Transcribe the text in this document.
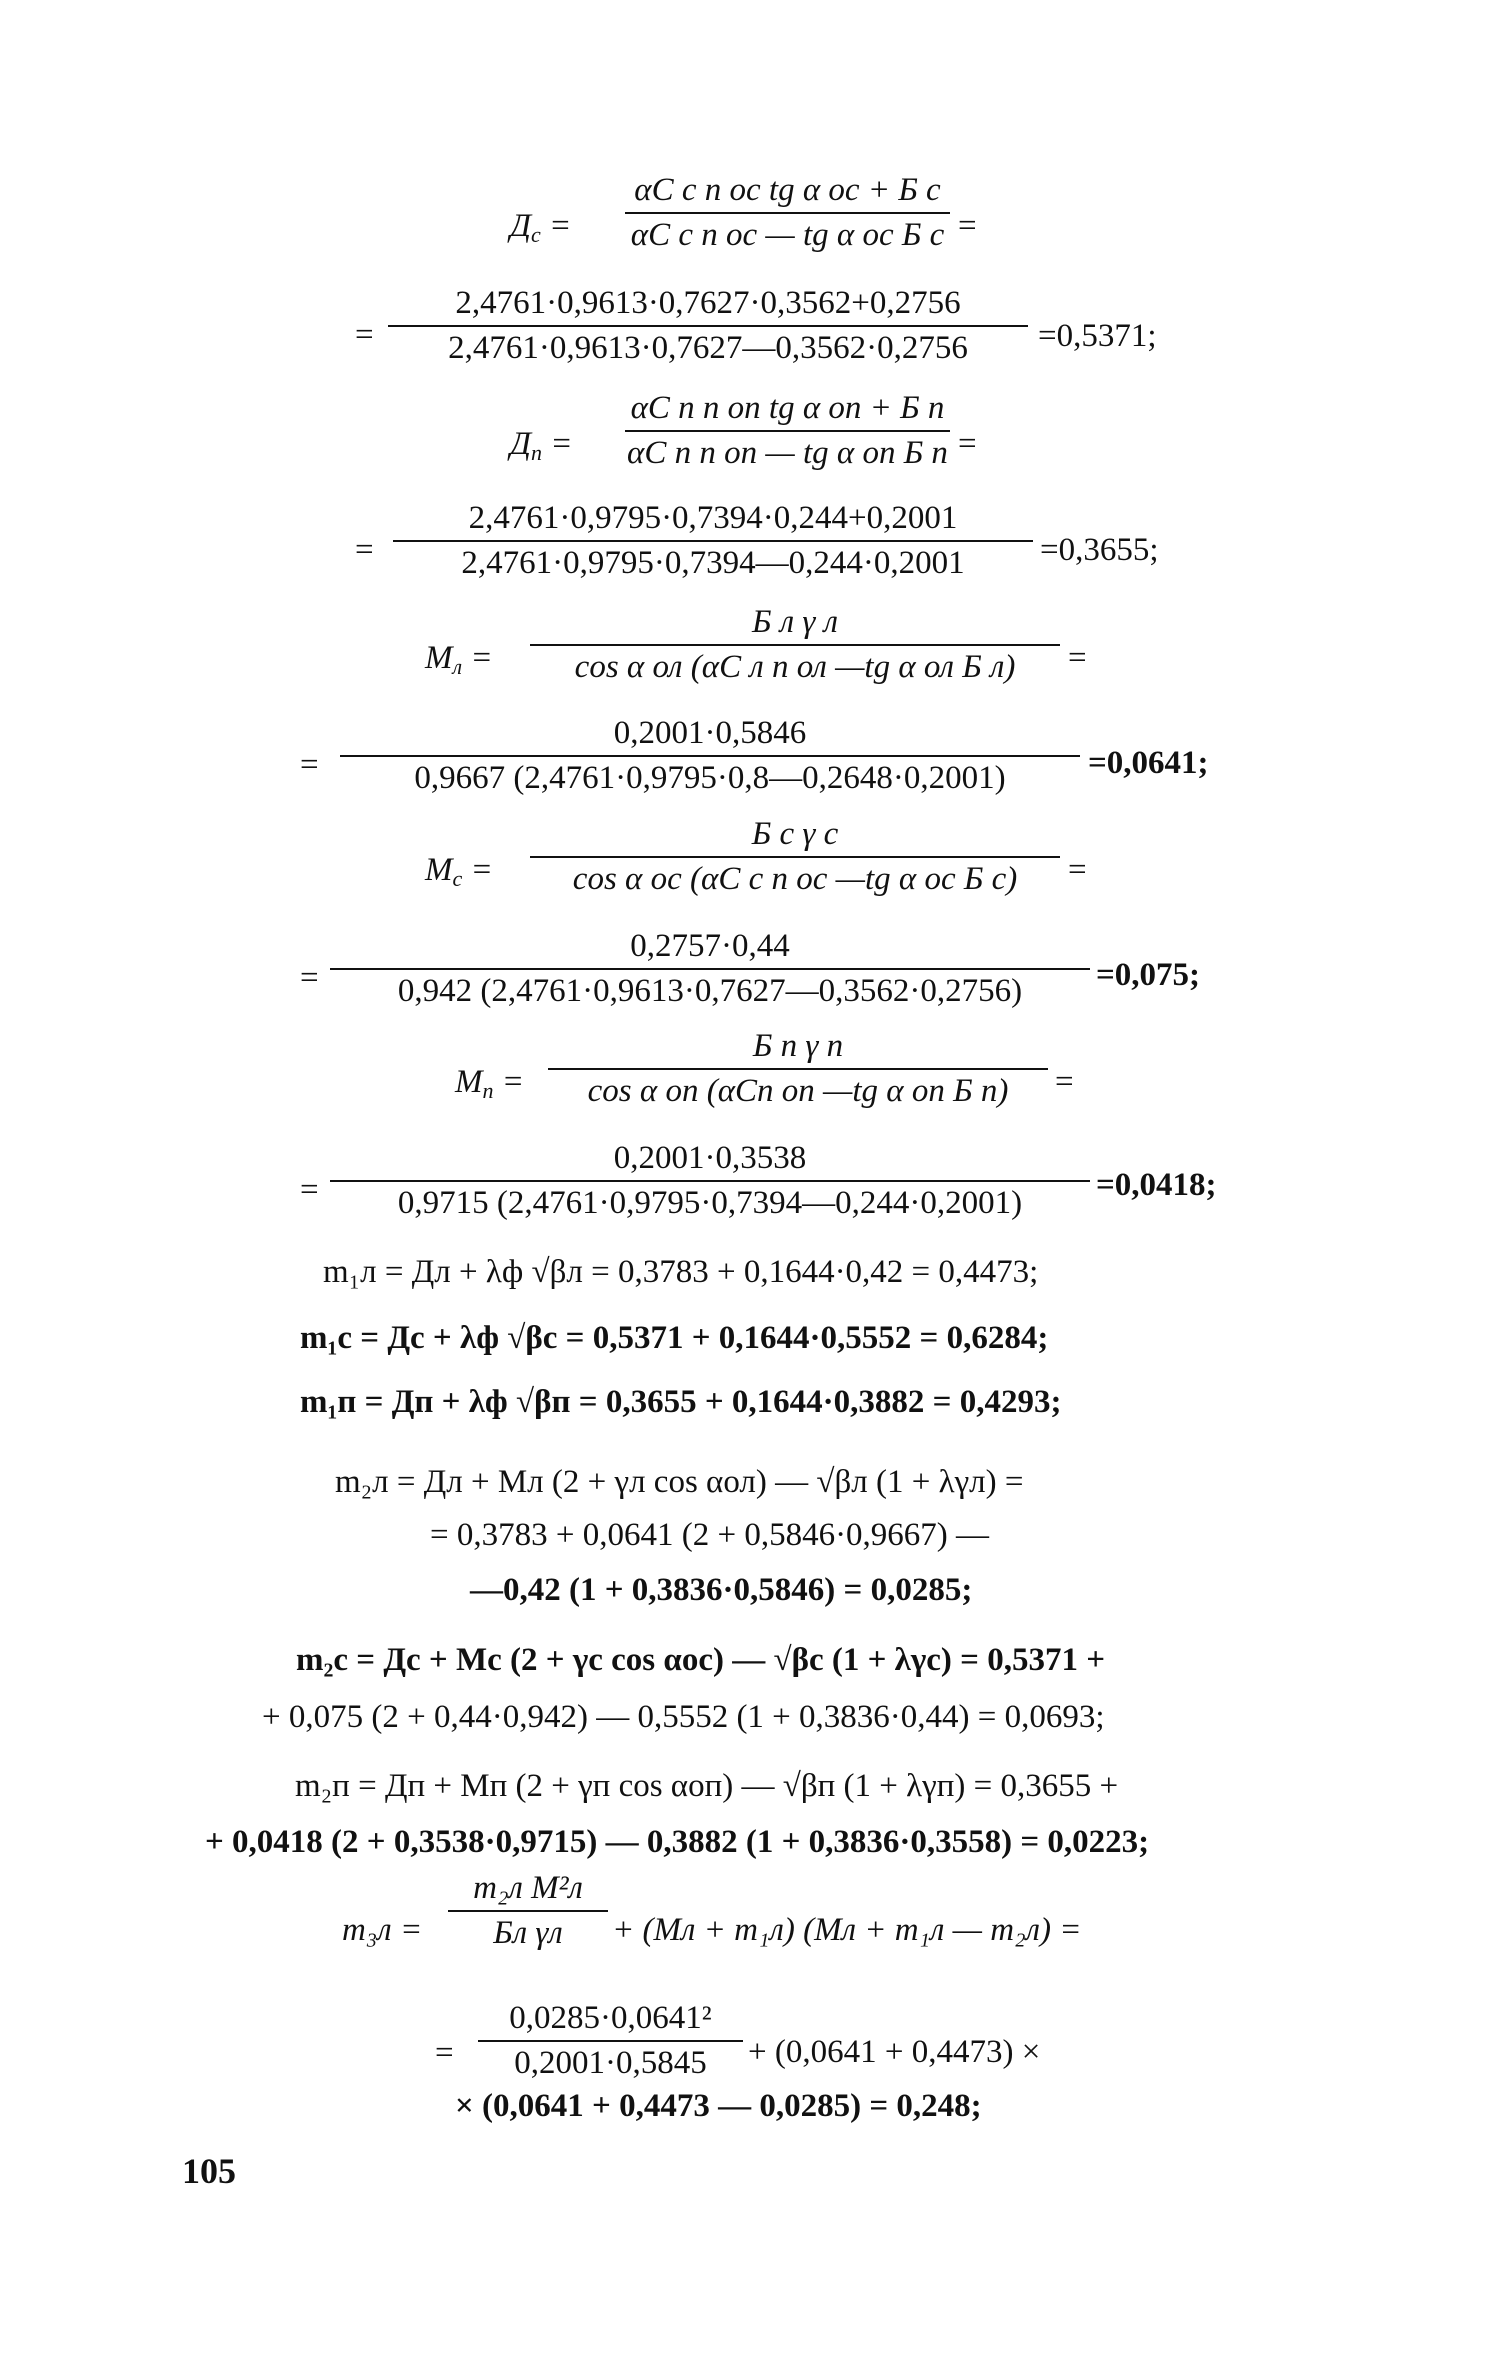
$Д_с$ =
αC с n ос tg α ос + Б с
αC с n ос — tg α ос Б с =
=
2,4761·0,9613·0,7627·0,3562+0,2756
2,4761·0,9613·0,7627—0,3562·0,2756	=0,5371;
$Д_п$ =
αC п n оп tg α оп + Б п
αC п n оп — tg α оп Б п =
=
2,4761·0,9795·0,7394·0,244+0,2001
2,4761·0,9795·0,7394—0,244·0,2001	=0,3655;
$M_л$ =
Б л γ л
cos α ол (αC л n ол —tg α ол Б л)	=
=
0,2001·0,5846
0,9667 (2,4761·0,9795·0,8—0,2648·0,2001)	=0,0641;
$M_с$ =
Б с γ с
cos α ос (αC с n ос —tg α ос Б с)	=
=
0,2757·0,44
0,942 (2,4761·0,9613·0,7627—0,3562·0,2756)	=0,075;
$M_п$ =
Б п γ п
cos α оп (αCn оп —tg α оп Б п)	=
=
0,2001·0,3538
0,9715 (2,4761·0,9795·0,7394—0,244·0,2001)	=0,0418;
m₁л = Дл + λф √βл = 0,3783 + 0,1644·0,42 = 0,4473;
m₁с = Дс + λф √βс = 0,5371 + 0,1644·0,5552 = 0,6284;
m₁п = Дп + λф √βп = 0,3655 + 0,1644·0,3882 = 0,4293;
m₂л = Дл + Mл (2 + γл cos αол) — √βл (1 + λγл) =
= 0,3783 + 0,0641 (2 + 0,5846·0,9667) —
—0,42 (1 + 0,3836·0,5846) = 0,0285;
m₂с = Дс + Mс (2 + γс cos αос) — √βс (1 + λγс) = 0,5371 +
+ 0,075 (2 + 0,44·0,942) — 0,5552 (1 + 0,3836·0,44) = 0,0693;
m₂п = Дп + Mп (2 + γп cos αоп) — √βп (1 + λγп) = 0,3655 +
+ 0,0418 (2 + 0,3538·0,9715) — 0,3882 (1 + 0,3836·0,3558) = 0,0223;
m₃л =
m₂л M²л
Бл γл	+ (Mл + m₁л) (Mл + m₁л — m₂л) =
=
0,0285·0,0641²
0,2001·0,5845	+ (0,0641 + 0,4473) ×
× (0,0641 + 0,4473 — 0,0285) = 0,248;
105
